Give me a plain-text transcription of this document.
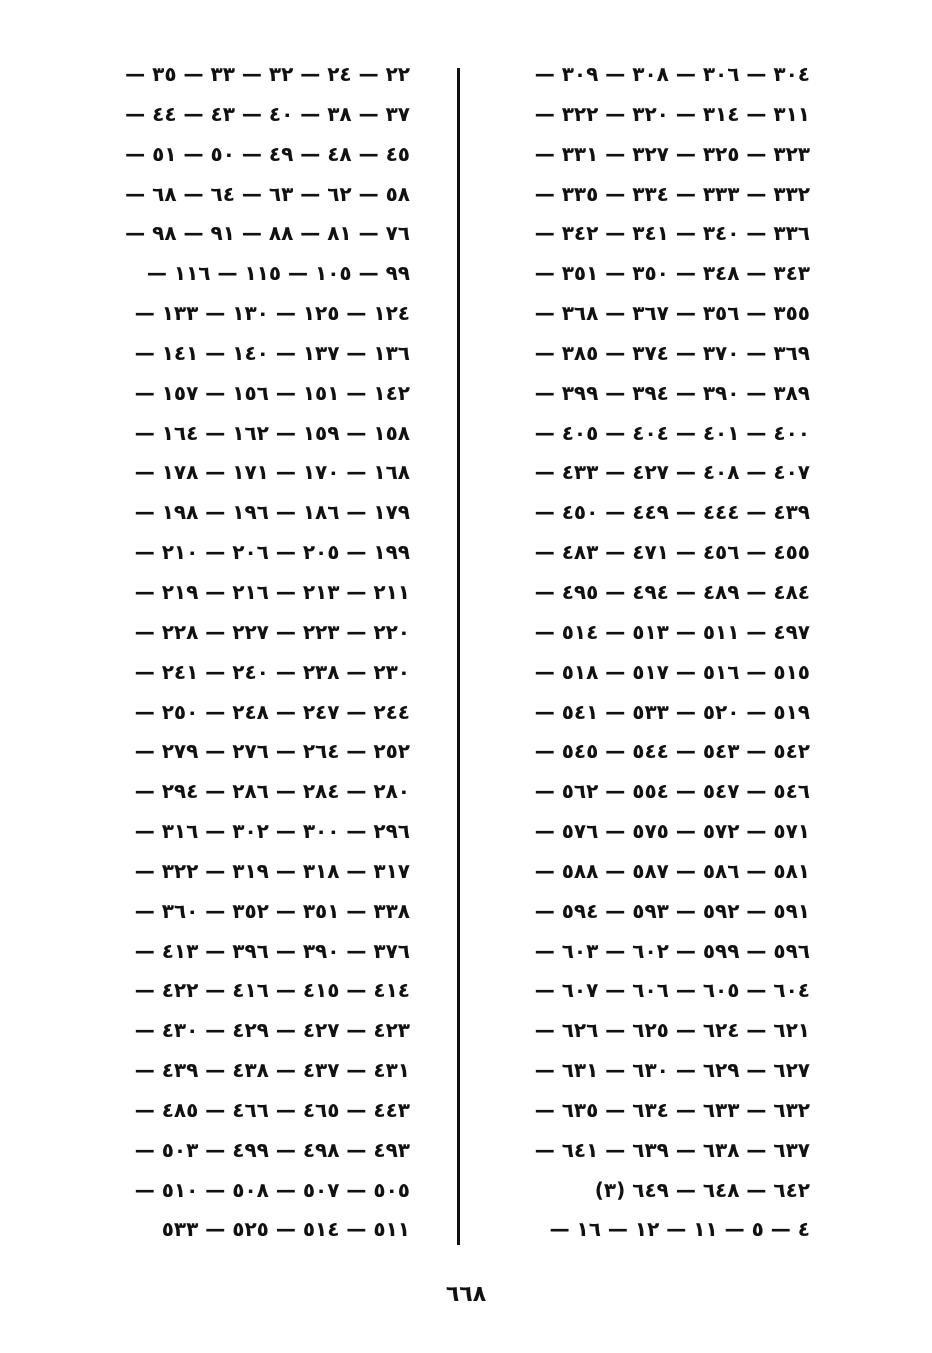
٣٠٤ — ٣٠٦ — ٣٠٨ — ٣٠٩ —
٣١١ — ٣١٤ — ٣٢٠ — ٣٢٢ —
٣٢٣ — ٣٢٥ — ٣٢٧ — ٣٣١ —
٣٣٢ — ٣٣٣ — ٣٣٤ — ٣٣٥ —
٣٣٦ — ٣٤٠ — ٣٤١ — ٣٤٢ —
٣٤٣ — ٣٤٨ — ٣٥٠ — ٣٥١ —
٣٥٥ — ٣٥٦ — ٣٦٧ — ٣٦٨ —
٣٦٩ — ٣٧٠ — ٣٧٤ — ٣٨٥ —
٣٨٩ — ٣٩٠ — ٣٩٤ — ٣٩٩ —
٤٠٠ — ٤٠١ — ٤٠٤ — ٤٠٥ —
٤٠٧ — ٤٠٨ — ٤٢٧ — ٤٣٣ —
٤٣٩ — ٤٤٤ — ٤٤٩ — ٤٥٠ —
٤٥٥ — ٤٥٦ — ٤٧١ — ٤٨٣ —
٤٨٤ — ٤٨٩ — ٤٩٤ — ٤٩٥ —
٤٩٧ — ٥١١ — ٥١٣ — ٥١٤ —
٥١٥ — ٥١٦ — ٥١٧ — ٥١٨ —
٥١٩ — ٥٢٠ — ٥٣٣ — ٥٤١ —
٥٤٢ — ٥٤٣ — ٥٤٤ — ٥٤٥ —
٥٤٦ — ٥٤٧ — ٥٥٤ — ٥٦٢ —
٥٧١ — ٥٧٢ — ٥٧٥ — ٥٧٦ —
٥٨١ — ٥٨٦ — ٥٨٧ — ٥٨٨ —
٥٩١ — ٥٩٢ — ٥٩٣ — ٥٩٤ —
٥٩٦ — ٥٩٩ — ٦٠٢ — ٦٠٣ —
٦٠٤ — ٦٠٥ — ٦٠٦ — ٦٠٧ —
٦٢١ — ٦٢٤ — ٦٢٥ — ٦٢٦ —
٦٢٧ — ٦٢٩ — ٦٣٠ — ٦٣١ —
٦٣٢ — ٦٣٣ — ٦٣٤ — ٦٣٥ —
٦٣٧ — ٦٣٨ — ٦٣٩ — ٦٤١ —
٦٤٢ — ٦٤٨ — ٦٤٩ (٣)
٤ — ٥ — ١١ — ١٢ — ١٦ —
٢٢ — ٢٤ — ٣٢ — ٣٣ — ٣٥ —
٣٧ — ٣٨ — ٤٠ — ٤٣ — ٤٤ —
٤٥ — ٤٨ — ٤٩ — ٥٠ — ٥١ —
٥٨ — ٦٢ — ٦٣ — ٦٤ — ٦٨ —
٧٦ — ٨١ — ٨٨ — ٩١ — ٩٨ —
٩٩ — ١٠٥ — ١١٥ — ١١٦ —
١٢٤ — ١٢٥ — ١٣٠ — ١٣٣ —
١٣٦ — ١٣٧ — ١٤٠ — ١٤١ —
١٤٢ — ١٥١ — ١٥٦ — ١٥٧ —
١٥٨ — ١٥٩ — ١٦٢ — ١٦٤ —
١٦٨ — ١٧٠ — ١٧١ — ١٧٨ —
١٧٩ — ١٨٦ — ١٩٦ — ١٩٨ —
١٩٩ — ٢٠٥ — ٢٠٦ — ٢١٠ —
٢١١ — ٢١٣ — ٢١٦ — ٢١٩ —
٢٢٠ — ٢٢٣ — ٢٢٧ — ٢٢٨ —
٢٣٠ — ٢٣٨ — ٢٤٠ — ٢٤١ —
٢٤٤ — ٢٤٧ — ٢٤٨ — ٢٥٠ —
٢٥٢ — ٢٦٤ — ٢٧٦ — ٢٧٩ —
٢٨٠ — ٢٨٤ — ٢٨٦ — ٢٩٤ —
٢٩٦ — ٣٠٠ — ٣٠٢ — ٣١٦ —
٣١٧ — ٣١٨ — ٣١٩ — ٣٢٢ —
٣٣٨ — ٣٥١ — ٣٥٢ — ٣٦٠ —
٣٧٦ — ٣٩٠ — ٣٩٦ — ٤١٣ —
٤١٤ — ٤١٥ — ٤١٦ — ٤٢٢ —
٤٢٣ — ٤٢٧ — ٤٢٩ — ٤٣٠ —
٤٣١ — ٤٣٧ — ٤٣٨ — ٤٣٩ —
٤٤٣ — ٤٦٥ — ٤٦٦ — ٤٨٥ —
٤٩٣ — ٤٩٨ — ٤٩٩ — ٥٠٣ —
٥٠٥ — ٥٠٧ — ٥٠٨ — ٥١٠ —
٥١١ — ٥١٤ — ٥٢٥ — ٥٣٣
٦٦٨
